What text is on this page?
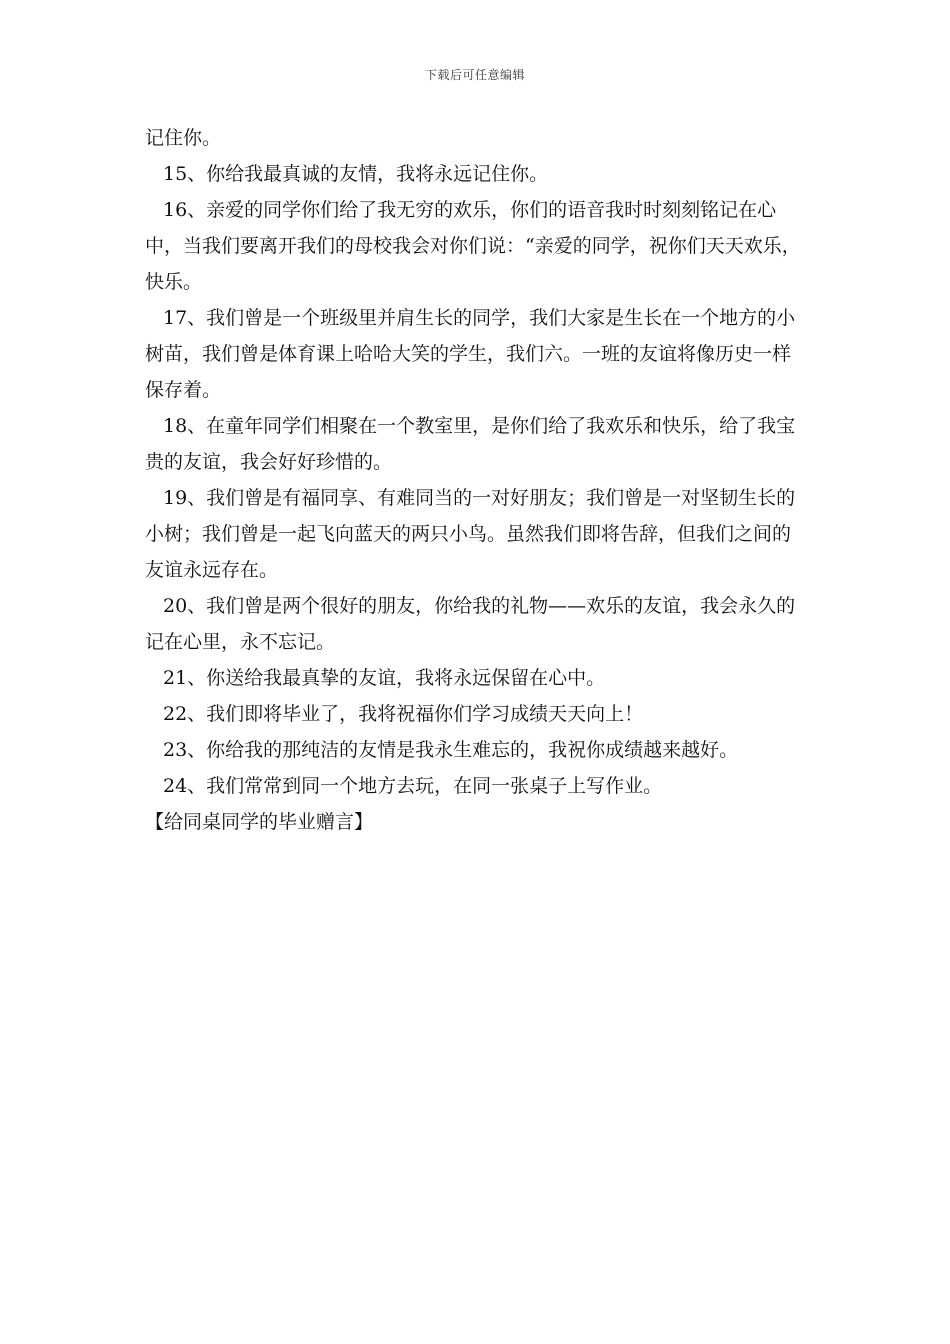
下载后可任意编辑

记住你。

15、你给我最真诚的友情，我将永远记住你。

16、亲爱的同学你们给了我无穷的欢乐，你们的语音我时时刻刻铭记在心中，当我们要离开我们的母校我会对你们说：“亲爱的同学，祝你们天天欢乐，快乐。

17、我们曾是一个班级里并肩生长的同学，我们大家是生长在一个地方的小树苗，我们曾是体育课上哈哈大笑的学生，我们六。一班的友谊将像历史一样保存着。

18、在童年同学们相聚在一个教室里，是你们给了我欢乐和快乐，给了我宝贵的友谊，我会好好珍惜的。

19、我们曾是有福同享、有难同当的一对好朋友；我们曾是一对坚韧生长的小树；我们曾是一起飞向蓝天的两只小鸟。虽然我们即将告辞，但我们之间的友谊永远存在。

20、我们曾是两个很好的朋友，你给我的礼物——欢乐的友谊，我会永久的记在心里，永不忘记。

21、你送给我最真挚的友谊，我将永远保留在心中。

22、我们即将毕业了，我将祝福你们学习成绩天天向上！

23、你给我的那纯洁的友情是我永生难忘的，我祝你成绩越来越好。

24、我们常常到同一个地方去玩，在同一张桌子上写作业。

【给同桌同学的毕业赠言】
